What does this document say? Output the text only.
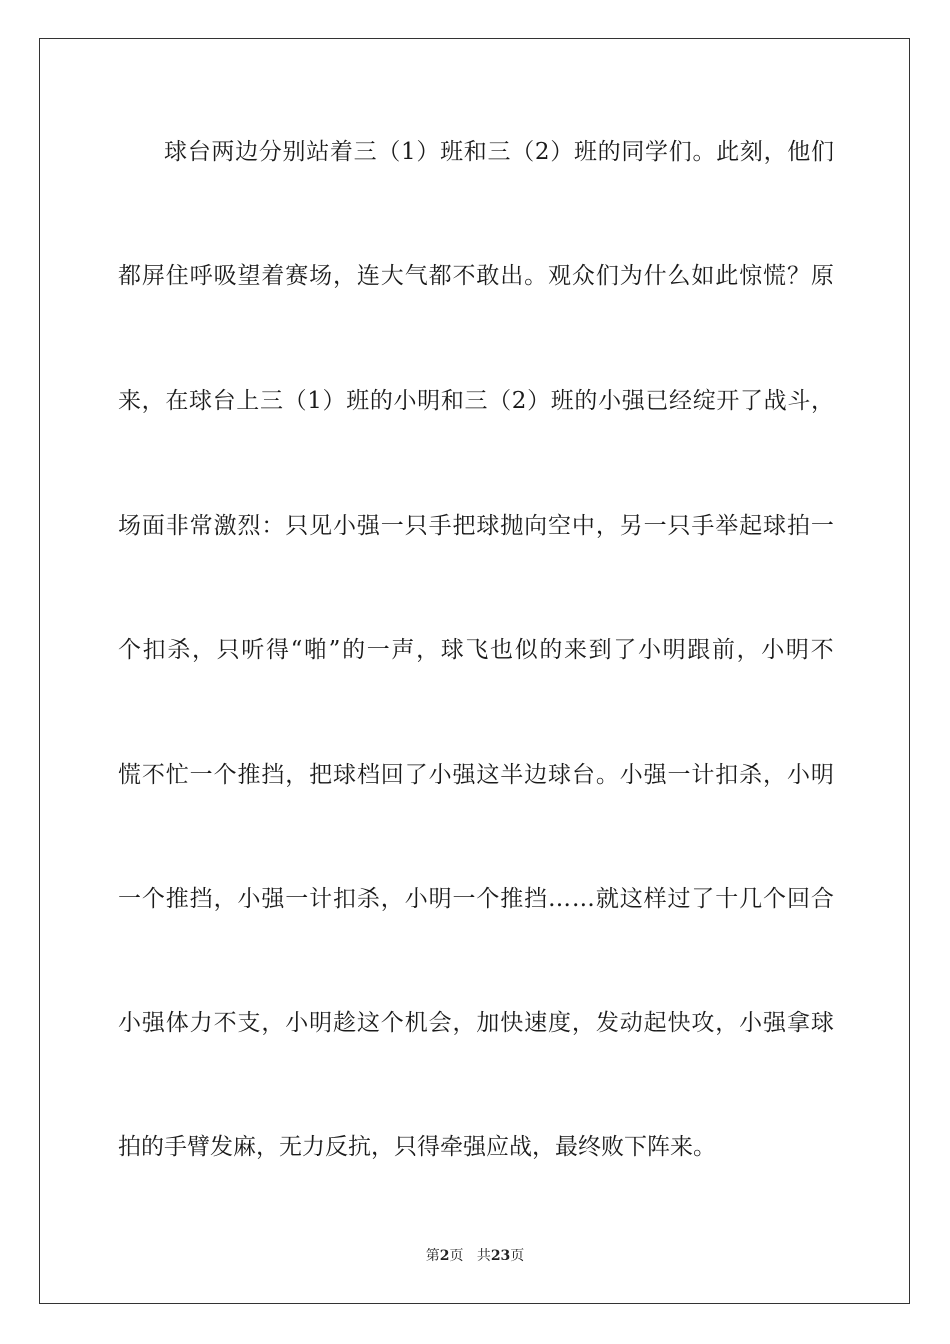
球 台 两 边 分 别 站 着 三 （ 1 ） 班 和 三 （ 2 ） 班 的 同 学 们 。 此 刻 ， 他 们
都 屏 住 呼 吸 望 着 赛 场 ， 连 大 气 都 不 敢 出 。 观 众 们 为 什 么 如 此 惊 慌 ？ 原
来 ， 在 球 台 上 三 （ 1 ） 班 的 小 明 和 三 （ 2 ） 班 的 小 强 已 经 绽 开 了 战 斗 ，
场 面 非 常 激 烈 ： 只 见 小 强 一 只 手 把 球 抛 向 空 中 ， 另 一 只 手 举 起 球 拍 一
个 扣 杀 ， 只 听 得 “ 啪 ” 的 一 声 ， 球 飞 也 似 的 来 到 了 小 明 跟 前 ， 小 明 不
慌 不 忙 一 个 推 挡 ， 把 球 档 回 了 小 强 这 半 边 球 台 。 小 强 一 计 扣 杀 ， 小 明
一 个 推 挡 ， 小 强 一 计 扣 杀 ， 小 明 一 个 推 挡 … … 就 这 样 过 了 十 几 个 回 合
小 强 体 力 不 支 ， 小 明 趁 这 个 机 会 ， 加 快 速 度 ， 发 动 起 快 攻 ， 小 强 拿 球
拍 的 手 臂 发 麻 ， 无 力 反 抗 ， 只 得 牵 强 应 战 ， 最 终 败 下 阵 来 。
第2页 共23页
